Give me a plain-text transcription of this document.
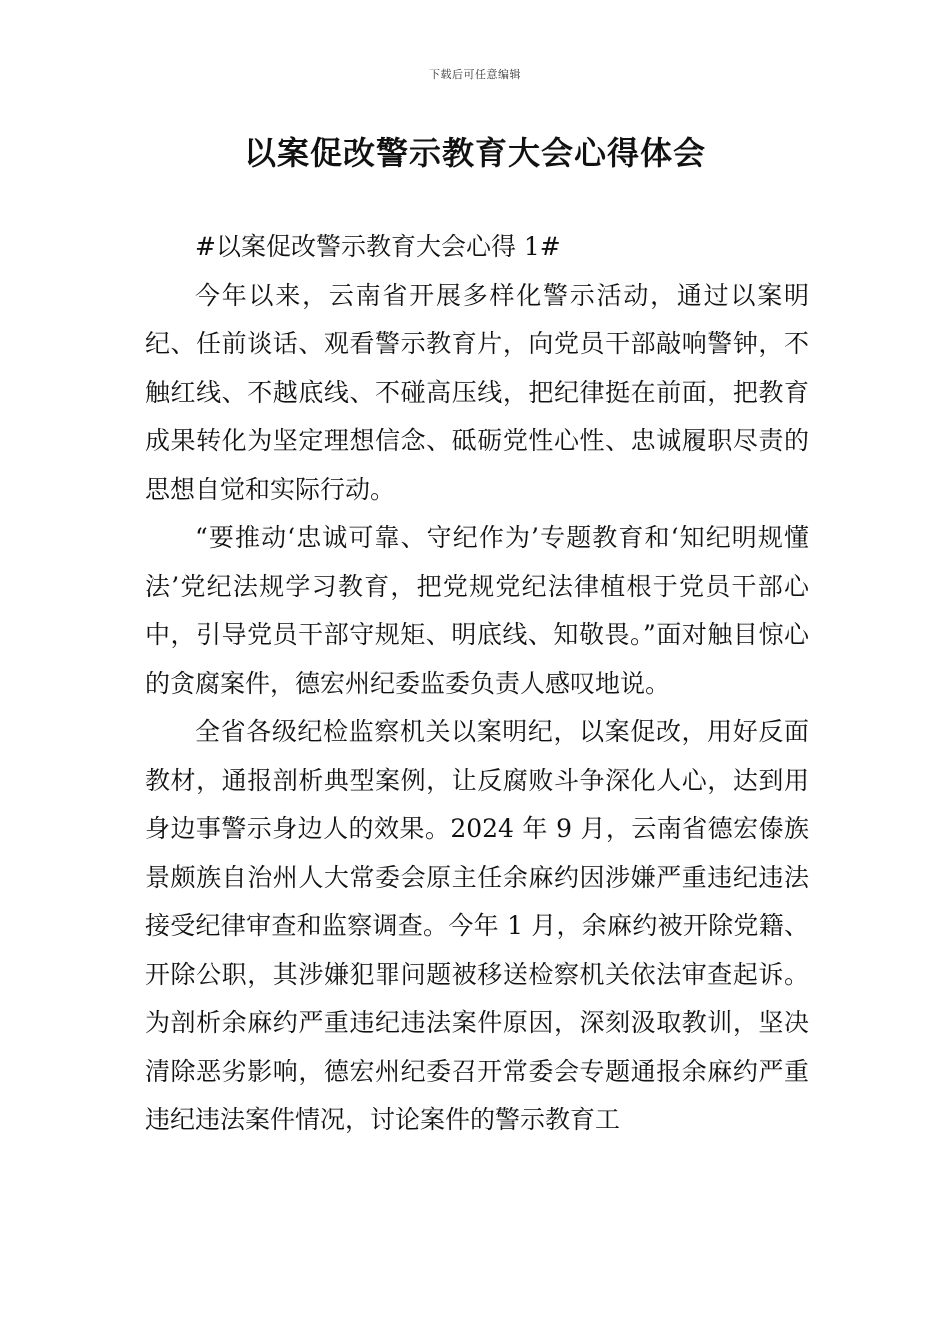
下载后可任意编辑
以案促改警示教育大会心得体会

#以案促改警示教育大会心得 1#

今年以来，云南省开展多样化警示活动，通过以案明纪、任前谈话、观看警示教育片，向党员干部敲响警钟，不触红线、不越底线、不碰高压线，把纪律挺在前面，把教育成果转化为坚定理想信念、砥砺党性心性、忠诚履职尽责的思想自觉和实际行动。

“要推动‘忠诚可靠、守纪作为’专题教育和‘知纪明规懂法’党纪法规学习教育，把党规党纪法律植根于党员干部心中，引导党员干部守规矩、明底线、知敬畏。”面对触目惊心的贪腐案件，德宏州纪委监委负责人感叹地说。

全省各级纪检监察机关以案明纪，以案促改，用好反面教材，通报剖析典型案例，让反腐败斗争深化人心，达到用身边事警示身边人的效果。2024 年 9 月，云南省德宏傣族景颇族自治州人大常委会原主任余麻约因涉嫌严重违纪违法接受纪律审查和监察调查。今年 1 月，余麻约被开除党籍、开除公职，其涉嫌犯罪问题被移送检察机关依法审查起诉。为剖析余麻约严重违纪违法案件原因，深刻汲取教训，坚决清除恶劣影响，德宏州纪委召开常委会专题通报余麻约严重违纪违法案件情况，讨论案件的警示教育工
